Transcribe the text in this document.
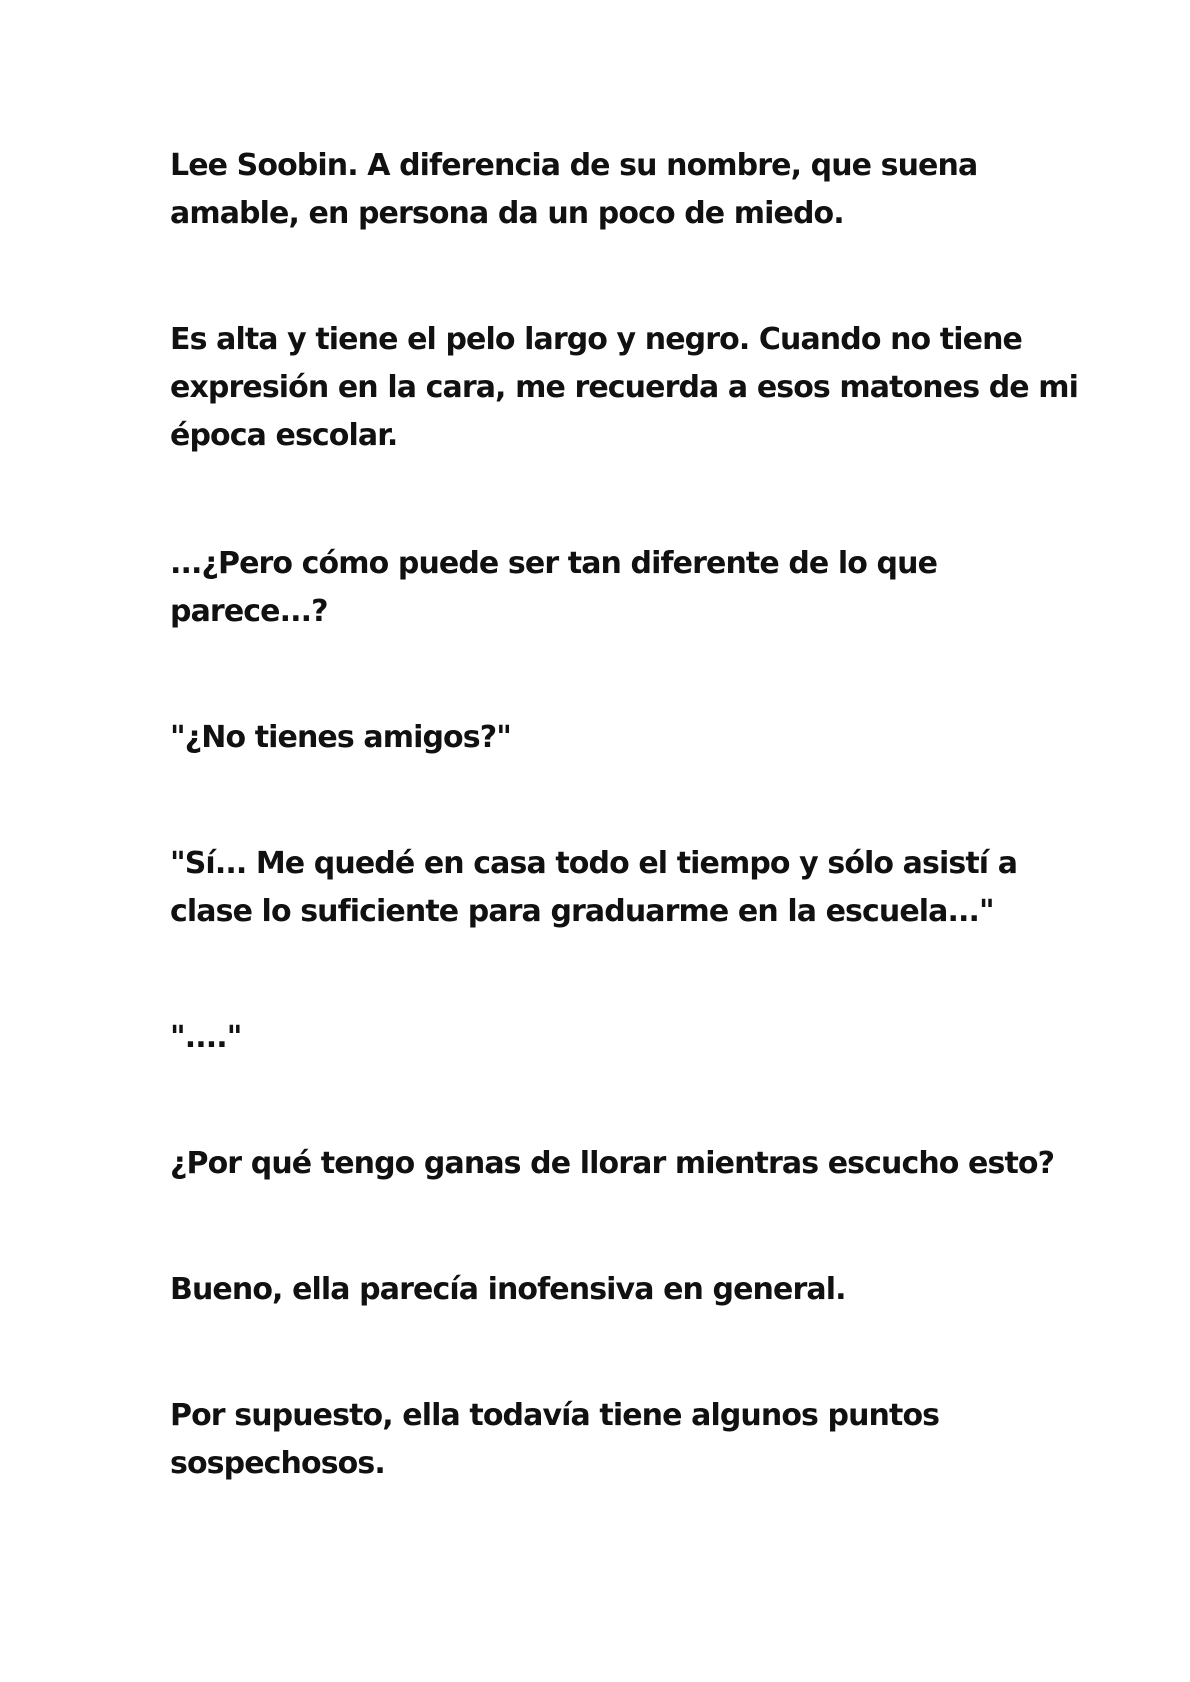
Lee Soobin. A diferencia de su nombre, que suena
amable, en persona da un poco de miedo.

Es alta y tiene el pelo largo y negro. Cuando no tiene
expresión en la cara, me recuerda a esos matones de mi
época escolar.

...¿Pero cómo puede ser tan diferente de lo que
parece...?

"¿No tienes amigos?"

"Sí... Me quedé en casa todo el tiempo y sólo asistí a
clase lo suficiente para graduarme en la escuela..."

"...."

¿Por qué tengo ganas de llorar mientras escucho esto?

Bueno, ella parecía inofensiva en general.

Por supuesto, ella todavía tiene algunos puntos
sospechosos.
